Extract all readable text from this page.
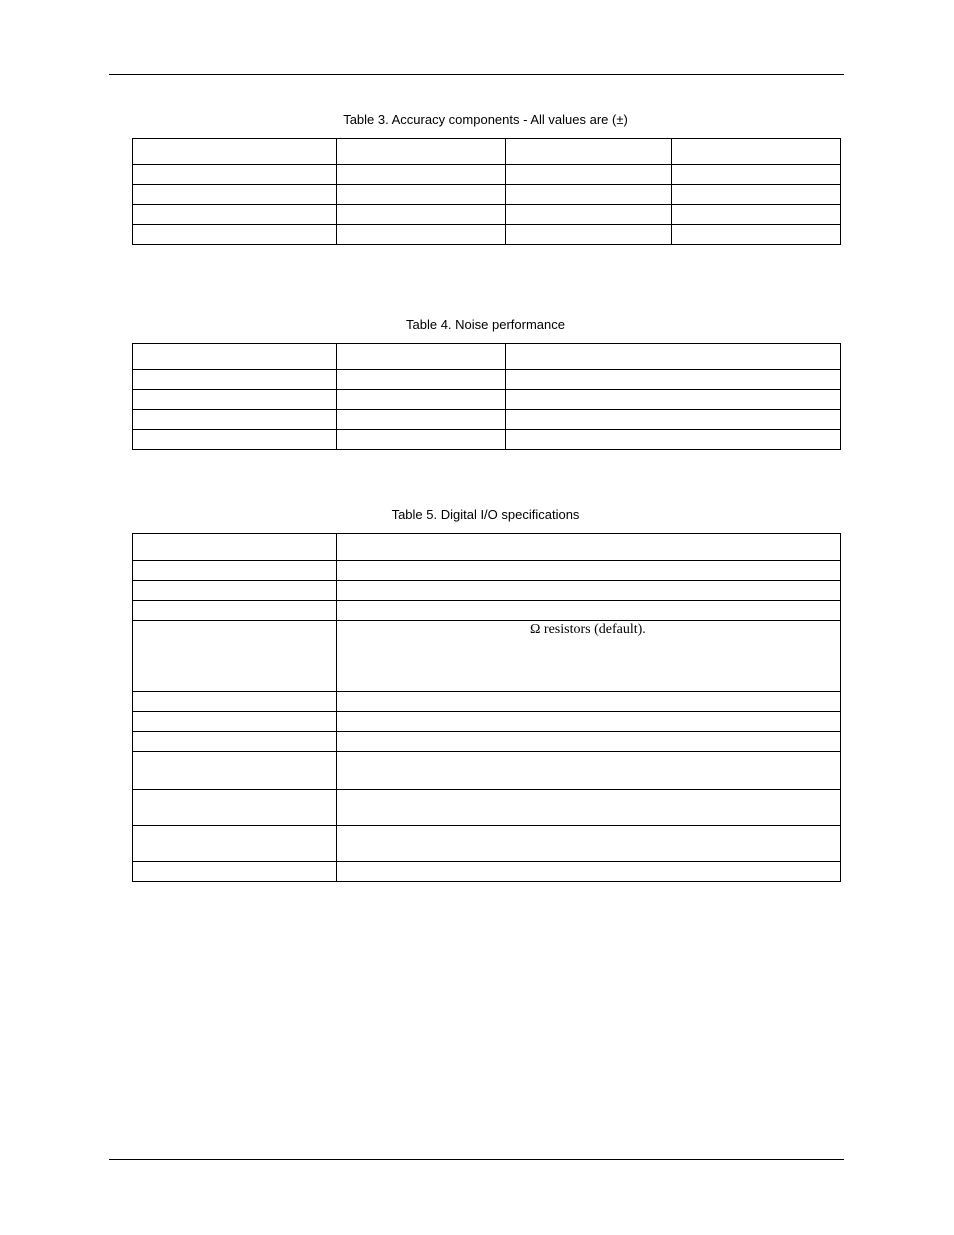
Table 3. Accuracy components - All values are (±)

Table 4. Noise performance

Table 5. Digital I/O specifications

	Ω resistors (default).
